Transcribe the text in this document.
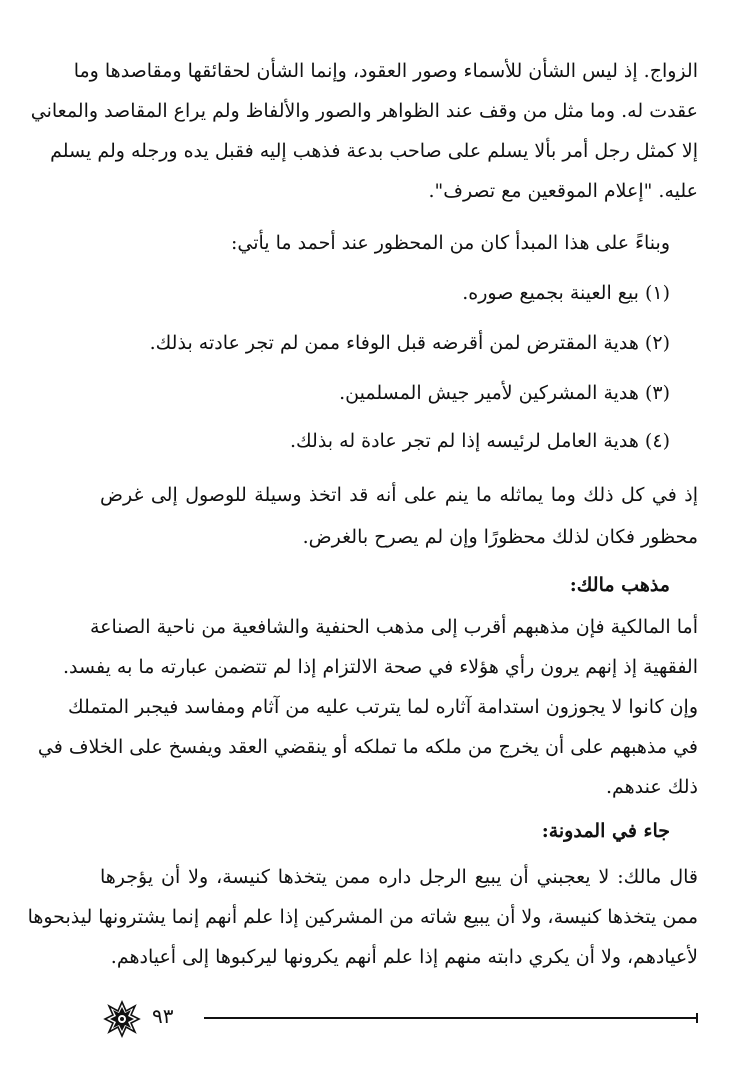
الزواج. إذ ليس الشأن للأسماء وصور العقود، وإنما الشأن لحقائقها ومقاصدها وما
عقدت له. وما مثل من وقف عند الظواهر والصور والألفاظ ولم يراع المقاصد والمعاني
إلا كمثل رجل أمر بألا يسلم على صاحب بدعة فذهب إليه فقبل يده ورجله ولم يسلم
عليه. "إعلام الموقعين مع تصرف".
وبناءً على هذا المبدأ كان من المحظور عند أحمد ما يأتي:
(١) بيع العينة بجميع صوره.
(٢) هدية المقترض لمن أقرضه قبل الوفاء ممن لم تجر عادته بذلك.
(٣) هدية المشركين لأمير جيش المسلمين.
(٤) هدية العامل لرئيسه إذا لم تجر عادة له بذلك.
إذ في كل ذلك وما يماثله ما ينم على أنه قد اتخذ وسيلة للوصول إلى غرض
محظور فكان لذلك محظورًا وإن لم يصرح بالغرض.
مذهب مالك:
أما المالكية فإن مذهبهم أقرب إلى مذهب الحنفية والشافعية من ناحية الصناعة
الفقهية إذ إنهم يرون رأي هؤلاء في صحة الالتزام إذا لم تتضمن عبارته ما به يفسد.
وإن كانوا لا يجوزون استدامة آثاره لما يترتب عليه من آثام ومفاسد فيجبر المتملك
في مذهبهم على أن يخرج من ملكه ما تملكه أو ينقضي العقد ويفسخ على الخلاف في
ذلك عندهم.
جاء في المدونة:
قال مالك: لا يعجبني أن يبيع الرجل داره ممن يتخذها كنيسة، ولا أن يؤجرها
ممن يتخذها كنيسة، ولا أن يبيع شاته من المشركين إذا علم أنهم إنما يشترونها ليذبحوها
لأعيادهم، ولا أن يكري دابته منهم إذا علم أنهم يكرونها ليركبوها إلى أعيادهم.
٩٣
